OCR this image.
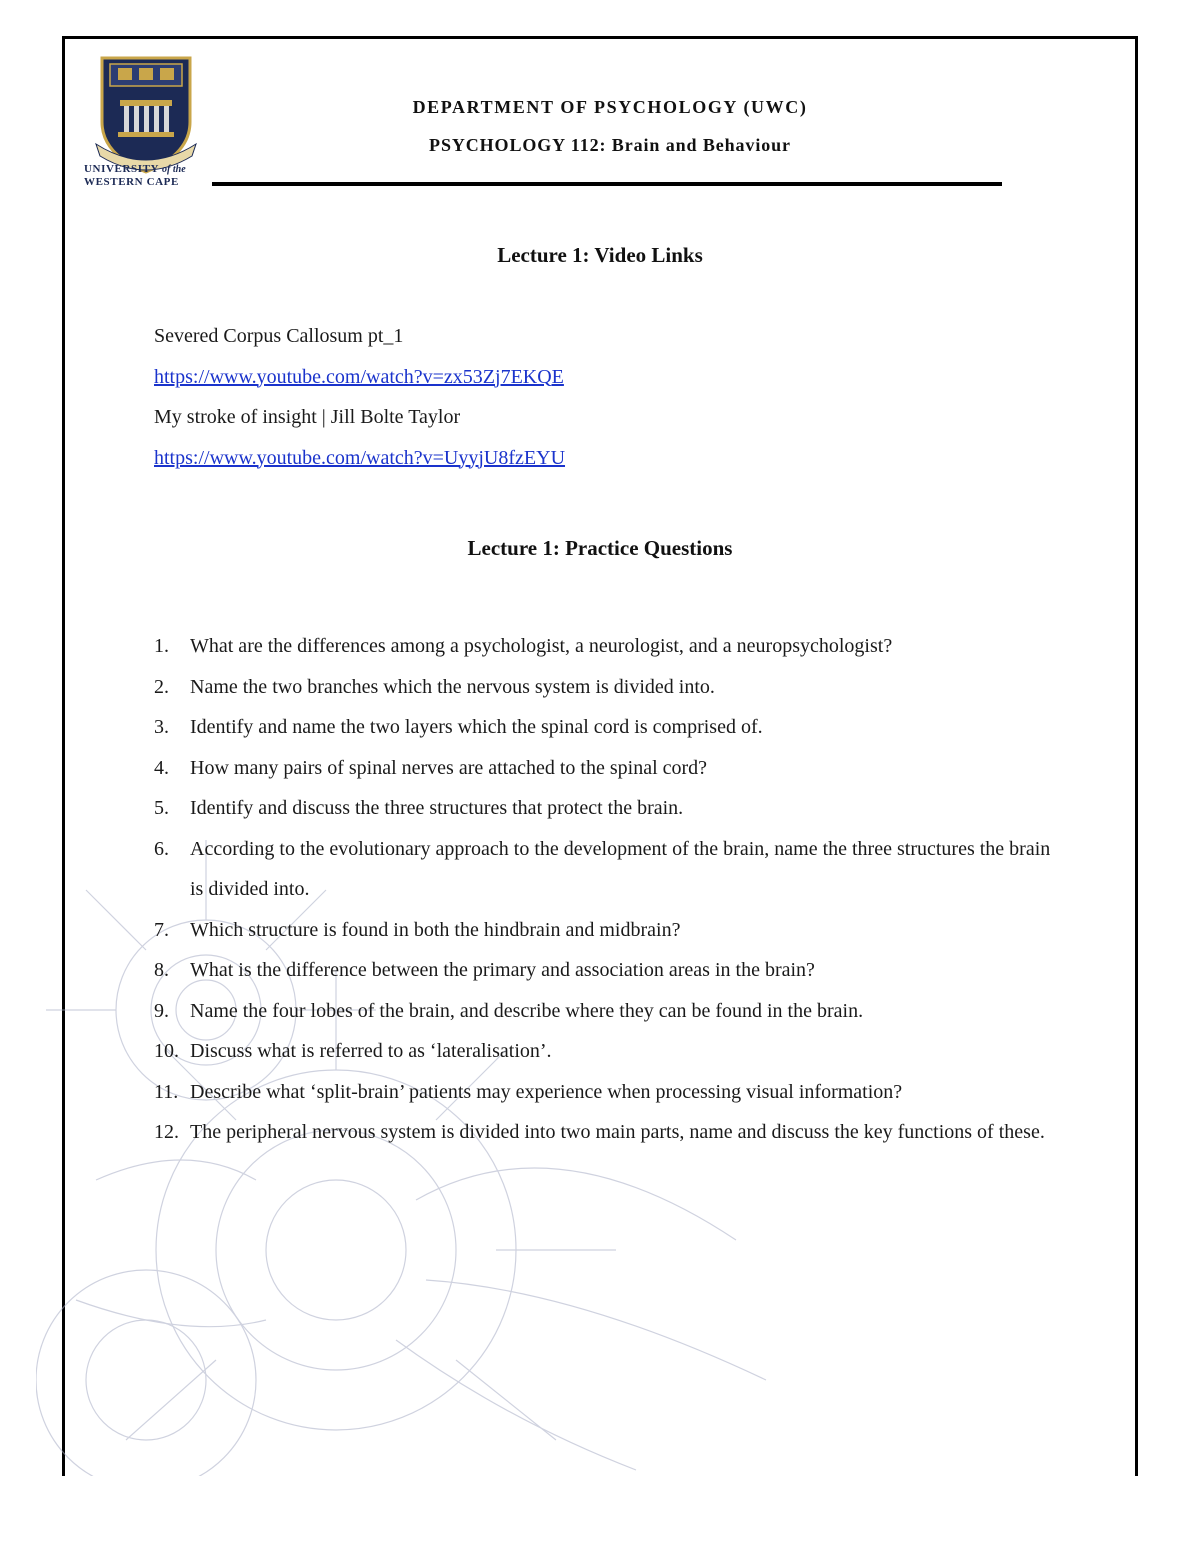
UNIVERSITY of the
WESTERN CAPE
DEPARTMENT OF PSYCHOLOGY (UWC)
PSYCHOLOGY 112: Brain and Behaviour
Lecture 1: Video Links
Severed Corpus Callosum pt_1
https://www.youtube.com/watch?v=zx53Zj7EKQE
My stroke of insight | Jill Bolte Taylor
https://www.youtube.com/watch?v=UyyjU8fzEYU
Lecture 1: Practice Questions
1. What are the differences among a psychologist, a neurologist, and a neuropsychologist?
2. Name the two branches which the nervous system is divided into.
3. Identify and name the two layers which the spinal cord is comprised of.
4. How many pairs of spinal nerves are attached to the spinal cord?
5. Identify and discuss the three structures that protect the brain.
6. According to the evolutionary approach to the development of the brain, name the three structures the brain is divided into.
7. Which structure is found in both the hindbrain and midbrain?
8. What is the difference between the primary and association areas in the brain?
9. Name the four lobes of the brain, and describe where they can be found in the brain.
10. Discuss what is referred to as ‘lateralisation’.
11. Describe what ‘split-brain’ patients may experience when processing visual information?
12. The peripheral nervous system is divided into two main parts, name and discuss the key functions of these.
